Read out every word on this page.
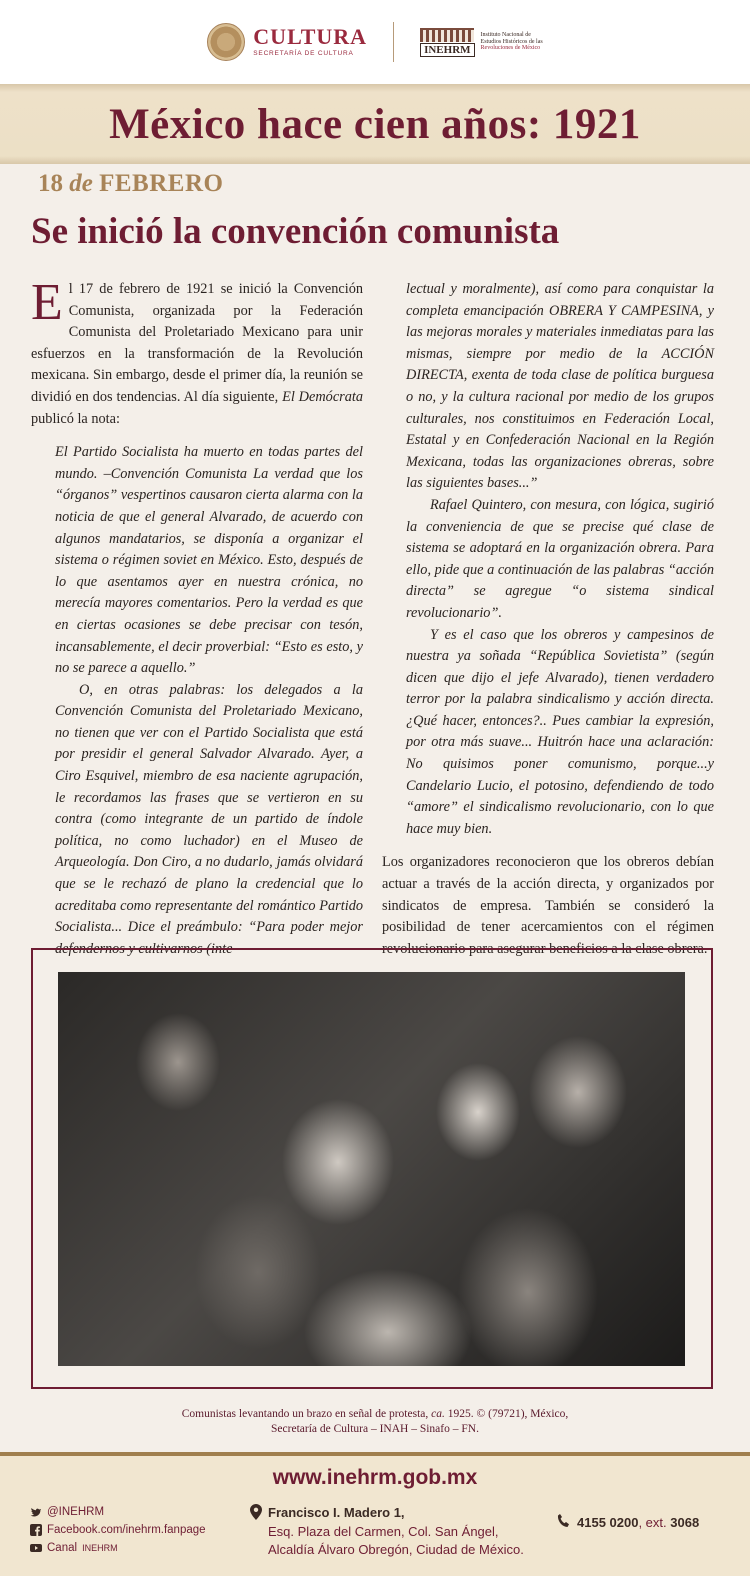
CULTURA
SECRETARÍA DE CULTURA	INEHRM
Instituto Nacional de
Estudios Históricos de las
Revoluciones de México
México hace cien años: 1921
18 de FEBRERO
Se inició la convención comunista

El 17 de febrero de 1921 se inició la Convención Comunista, organizada por la Federación Comunista del Proletariado Mexicano para unir esfuerzos en la transformación de la Revolución mexicana. Sin embargo, desde el primer día, la reunión se dividió en dos tendencias. Al día siguiente, El Demócrata publicó la nota:

El Partido Socialista ha muerto en todas partes del mundo. –Convención Comunista La verdad que los “órganos” vespertinos causaron cierta alarma con la noticia de que el general Alvarado, de acuerdo con algunos mandatarios, se disponía a organizar el sistema o régimen soviet en México. Esto, después de lo que asentamos ayer en nuestra crónica, no merecía mayores comentarios. Pero la verdad es que en ciertas ocasiones se debe precisar con tesón, incansablemente, el decir proverbial: “Esto es esto, y no se parece a aquello.”

O, en otras palabras: los delegados a la Convención Comunista del Proletariado Mexicano, no tienen que ver con el Partido Socialista que está por presidir el general Salvador Alvarado. Ayer, a Ciro Esquivel, miembro de esa naciente agrupación, le recordamos las frases que se vertieron en su contra (como integrante de un partido de índole política, no como luchador) en el Museo de Arqueología. Don Ciro, a no dudarlo, jamás olvidará que se le rechazó de plano la credencial que lo acreditaba como representante del romántico Partido Socialista... Dice el preámbulo: “Para poder mejor defendernos y cultivarnos (inte-

lectual y moralmente), así como para conquistar la completa emancipación OBRERA Y CAMPESINA, y las mejoras morales y materiales inmediatas para las mismas, siempre por medio de la ACCIÓN DIRECTA, exenta de toda clase de política burguesa o no, y la cultura racional por medio de los grupos culturales, nos constituimos en Federación Local, Estatal y en Confederación Nacional en la Región Mexicana, todas las organizaciones obreras, sobre las siguientes bases...”

Rafael Quintero, con mesura, con lógica, sugirió la conveniencia de que se precise qué clase de sistema se adoptará en la organización obrera. Para ello, pide que a continuación de las palabras “acción directa” se agregue “o sistema sindical revolucionario”.

Y es el caso que los obreros y campesinos de nuestra ya soñada “República Sovietista” (según dicen que dijo el jefe Alvarado), tienen verdadero terror por la palabra sindicalismo y acción directa. ¿Qué hacer, entonces?.. Pues cambiar la expresión, por otra más suave... Huitrón hace una aclaración: No quisimos poner comunismo, porque...y Candelario Lucio, el potosino, defendiendo de todo “amore” el sindicalismo revolucionario, con lo que hace muy bien.

Los organizadores reconocieron que los obreros debían actuar a través de la acción directa, y organizados por sindicatos de empresa. También se consideró la posibilidad de tener acercamientos con el régimen revolucionario para asegurar beneficios a la clase obrera.

Comunistas levantando un brazo en señal de protesta, ca. 1925. © (79721), México,
Secretaría de Cultura – INAH – Sinafo – FN.
www.inehrm.gob.mx
@INEHRM
Facebook.com/inehrm.fanpage
Canal INEHRM
Francisco I. Madero 1,
Esq. Plaza del Carmen, Col. San Ángel,
Alcaldía Álvaro Obregón, Ciudad de México.
4155 0200, ext. 3068
